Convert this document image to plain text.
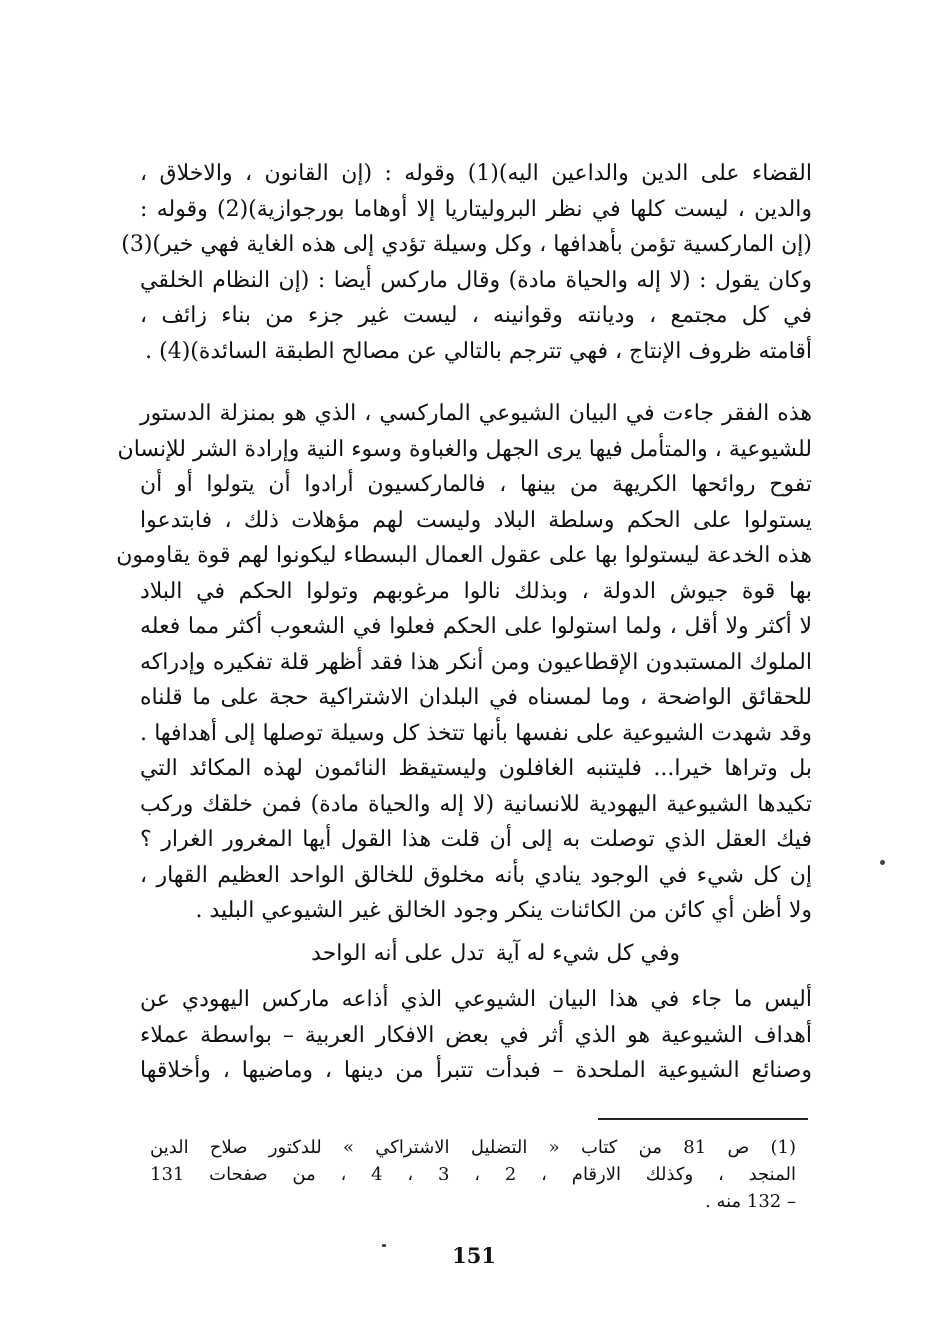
القضاء على الدين والداعين اليه)(1) وقوله : (إن القانون ، والاخلاق ،
والدين ، ليست كلها في نظر البروليتاريا إلا أوهاما بورجوازية)(2) وقوله :
(إن الماركسية تؤمن بأهدافها ، وكل وسيلة تؤدي إلى هذه الغاية فهي خير)(3)
وكان يقول : (لا إله والحياة مادة) وقال ماركس أيضا : (إن النظام الخلقي
في كل مجتمع ، وديانته وقوانينه ، ليست غير جزء من بناء زائف ،
أقامته ظروف الإنتاج ، فهي تترجم بالتالي عن مصالح الطبقة السائدة)(4) .
هذه الفقر جاءت في البيان الشيوعي الماركسي ، الذي هو بمنزلة الدستور
للشيوعية ، والمتأمل فيها يرى الجهل والغباوة وسوء النية وإرادة الشر للإنسان
تفوح روائحها الكريهة من بينها ، فالماركسيون أرادوا أن يتولوا أو أن
يستولوا على الحكم وسلطة البلاد وليست لهم مؤهلات ذلك ، فابتدعوا
هذه الخدعة ليستولوا بها على عقول العمال البسطاء ليكونوا لهم قوة يقاومون
بها قوة جيوش الدولة ، وبذلك نالوا مرغوبهم وتولوا الحكم في البلاد
لا أكثر ولا أقل ، ولما استولوا على الحكم فعلوا في الشعوب أكثر مما فعله
الملوك المستبدون الإقطاعيون ومن أنكر هذا فقد أظهر قلة تفكيره وإدراكه
للحقائق الواضحة ، وما لمسناه في البلدان الاشتراكية حجة على ما قلناه
وقد شهدت الشيوعية على نفسها بأنها تتخذ كل وسيلة توصلها إلى أهدافها .
بل وتراها خيرا... فليتنبه الغافلون وليستيقظ النائمون لهذه المكائد التي
تكيدها الشيوعية اليهودية للانسانية (لا إله والحياة مادة) فمن خلقك وركب
فيك العقل الذي توصلت به إلى أن قلت هذا القول أيها المغرور الغرار ؟
إن كل شيء في الوجود ينادي بأنه مخلوق للخالق الواحد العظيم القهار ،
ولا أظن أي كائن من الكائنات ينكر وجود الخالق غير الشيوعي البليد .
وفي كل شيء له آية
تدل على أنه الواحد
أليس ما جاء في هذا البيان الشيوعي الذي أذاعه ماركس اليهودي عن
أهداف الشيوعية هو الذي أثر في بعض الافكار العربية – بواسطة عملاء
وصنائع الشيوعية الملحدة – فبدأت تتبرأ من دينها ، وماضيها ، وأخلاقها
(1) ص 81 من كتاب « التضليل الاشتراكي » للدكتور صلاح الدين
المنجد ، وكذلك الارقام ، 2 ، 3 ، 4 ، من صفحات 131
– 132 منه .
151
